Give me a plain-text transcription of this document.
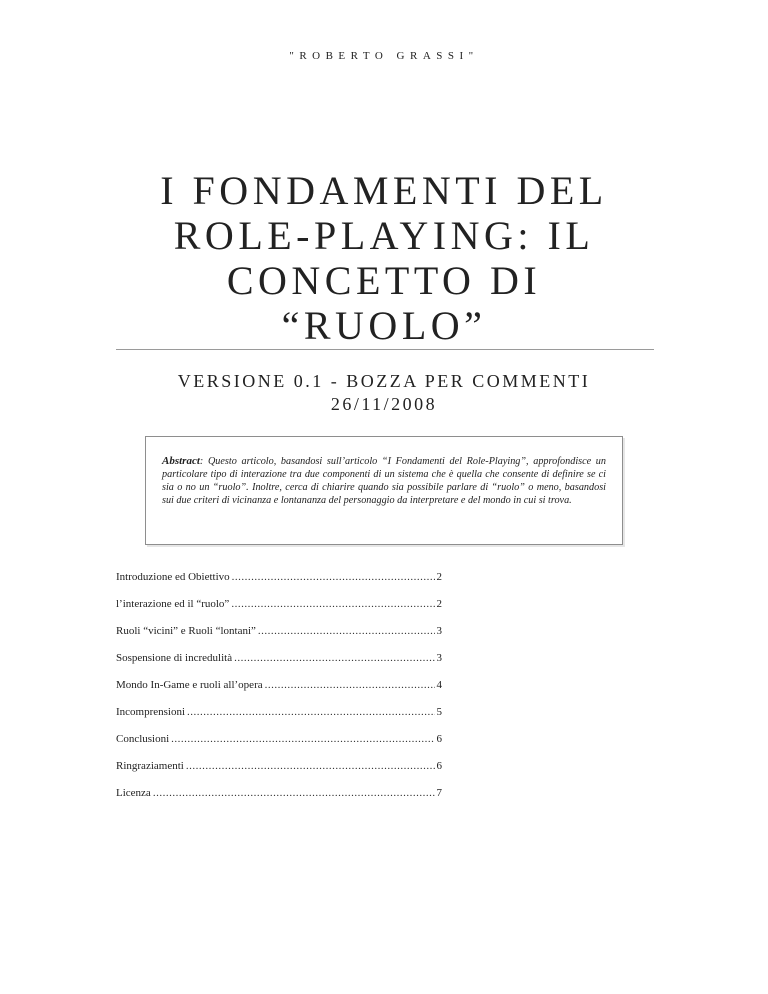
"ROBERTO GRASSI"
I FONDAMENTI DEL
ROLE-PLAYING: IL
CONCETTO DI
“RUOLO”
VERSIONE 0.1 - BOZZA PER COMMENTI
26/11/2008

Abstract: Questo articolo, basandosi sull’articolo “I Fondamenti del Role-Playing”, approfondisce un particolare tipo di interazione tra due componenti di un sistema che è quella che consente di definire se ci sia o no un “ruolo”. Inoltre, cerca di chiarire quando sia possibile parlare di “ruolo” o meno, basandosi sui due criteri di vicinanza e lontananza del personaggio da interpretare e del mondo in cui si trova.

Introduzione ed Obiettivo .....	2
l’interazione ed il “ruolo” .....	2
Ruoli “vicini” e Ruoli “lontani” .....	3
Sospensione di incredulità .....	3
Mondo In-Game e ruoli all’opera .....	4
Incomprensioni .....	5
Conclusioni .....	6
Ringraziamenti .....	6
Licenza .....	7
